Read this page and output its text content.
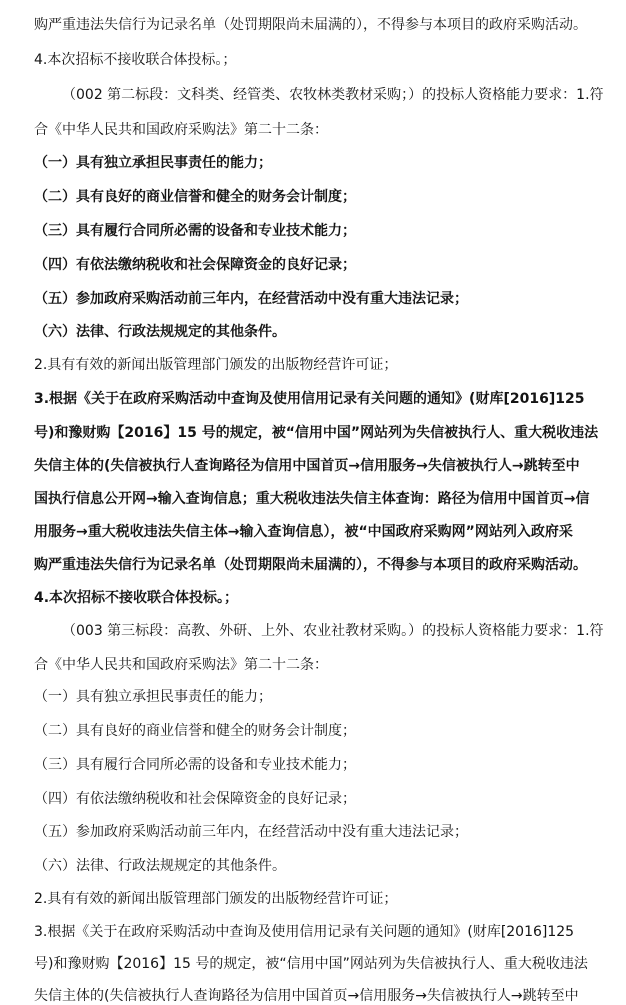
购严重违法失信行为记录名单（处罚期限尚未届满的），不得参与本项目的政府采购活动。
4.本次招标不接收联合体投标。；
（002 第二标段：文科类、经管类、农牧林类教材采购；）的投标人资格能力要求：1.符
合《中华人民共和国政府采购法》第二十二条：
（一）具有独立承担民事责任的能力；
（二）具有良好的商业信誉和健全的财务会计制度；
（三）具有履行合同所必需的设备和专业技术能力；
（四）有依法缴纳税收和社会保障资金的良好记录；
（五）参加政府采购活动前三年内，在经营活动中没有重大违法记录；
（六）法律、行政法规规定的其他条件。
2.具有有效的新闻出版管理部门颁发的出版物经营许可证；
3.根据《关于在政府采购活动中查询及使用信用记录有关问题的通知》(财库[2016]125
号)和豫财购【2016】15 号的规定，被“信用中国”网站列为失信被执行人、重大税收违法
失信主体的(失信被执行人查询路径为信用中国首页→信用服务→失信被执行人→跳转至中
国执行信息公开网→输入查询信息；重大税收违法失信主体查询：路径为信用中国首页→信
用服务→重大税收违法失信主体→输入查询信息），被“中国政府采购网”网站列入政府采
购严重违法失信行为记录名单（处罚期限尚未届满的），不得参与本项目的政府采购活动。
4.本次招标不接收联合体投标。；
（003 第三标段：高教、外研、上外、农业社教材采购。）的投标人资格能力要求：1.符
合《中华人民共和国政府采购法》第二十二条：
（一）具有独立承担民事责任的能力；
（二）具有良好的商业信誉和健全的财务会计制度；
（三）具有履行合同所必需的设备和专业技术能力；
（四）有依法缴纳税收和社会保障资金的良好记录；
（五）参加政府采购活动前三年内，在经营活动中没有重大违法记录；
（六）法律、行政法规规定的其他条件。
2.具有有效的新闻出版管理部门颁发的出版物经营许可证；
3.根据《关于在政府采购活动中查询及使用信用记录有关问题的通知》(财库[2016]125
号)和豫财购【2016】15 号的规定，被“信用中国”网站列为失信被执行人、重大税收违法
失信主体的(失信被执行人查询路径为信用中国首页→信用服务→失信被执行人→跳转至中
